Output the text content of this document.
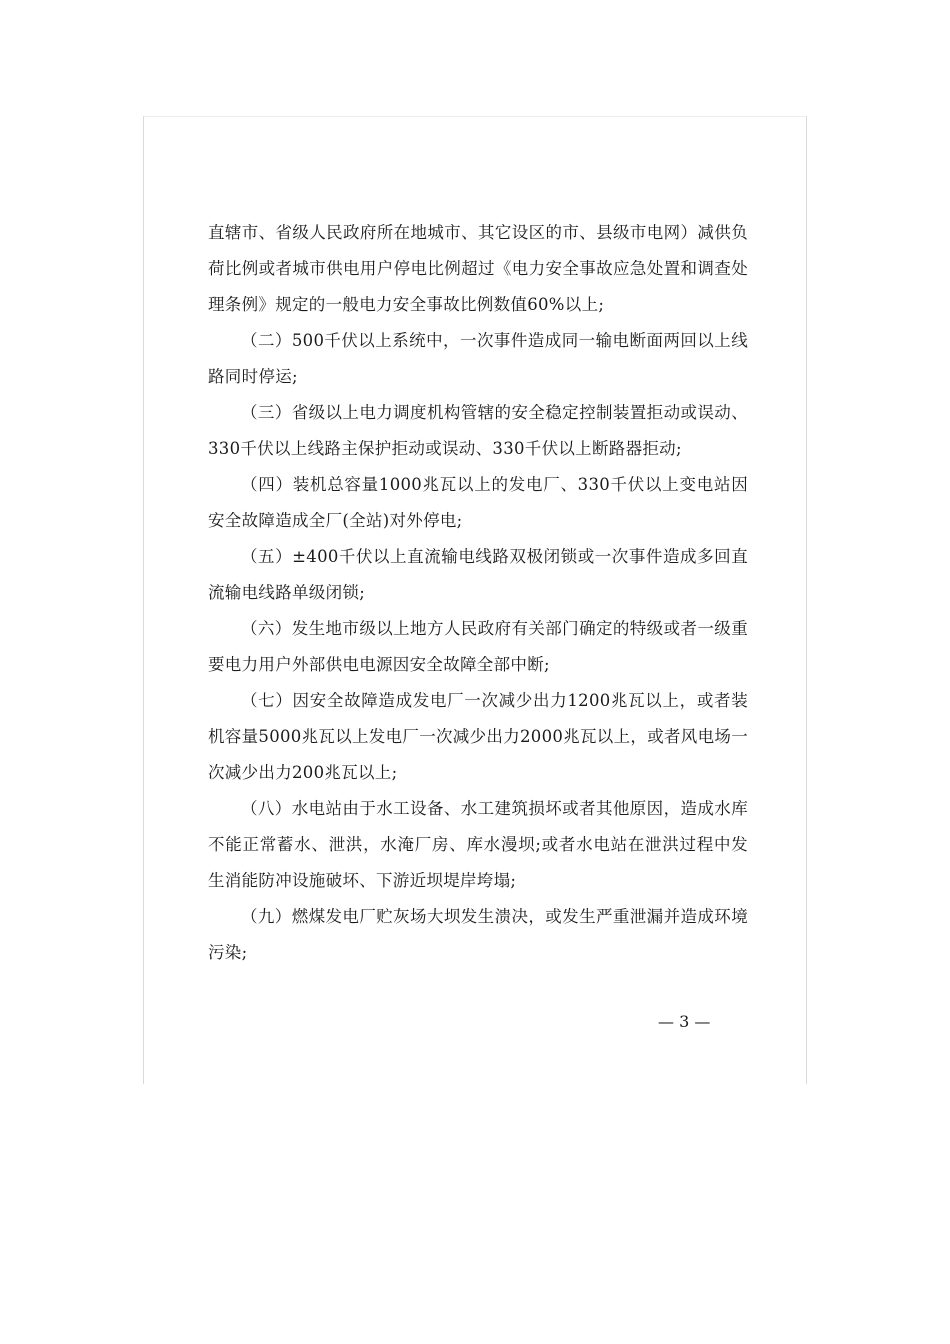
直辖市、省级人民政府所在地城市、其它设区的市、县级市电网）减供负荷比例或者城市供电用户停电比例超过《电力安全事故应急处置和调查处理条例》规定的一般电力安全事故比例数值60%以上;

（二）500千伏以上系统中，一次事件造成同一输电断面两回以上线路同时停运;

（三）省级以上电力调度机构管辖的安全稳定控制装置拒动或误动、330千伏以上线路主保护拒动或误动、330千伏以上断路器拒动;

（四）装机总容量1000兆瓦以上的发电厂、330千伏以上变电站因安全故障造成全厂(全站)对外停电;

（五）±400千伏以上直流输电线路双极闭锁或一次事件造成多回直流输电线路单级闭锁;

（六）发生地市级以上地方人民政府有关部门确定的特级或者一级重要电力用户外部供电电源因安全故障全部中断;

（七）因安全故障造成发电厂一次减少出力1200兆瓦以上，或者装机容量5000兆瓦以上发电厂一次减少出力2000兆瓦以上，或者风电场一次减少出力200兆瓦以上;

（八）水电站由于水工设备、水工建筑损坏或者其他原因，造成水库不能正常蓄水、泄洪，水淹厂房、库水漫坝;或者水电站在泄洪过程中发生消能防冲设施破坏、下游近坝堤岸垮塌;

（九）燃煤发电厂贮灰场大坝发生溃决，或发生严重泄漏并造成环境污染;

— 3 —
